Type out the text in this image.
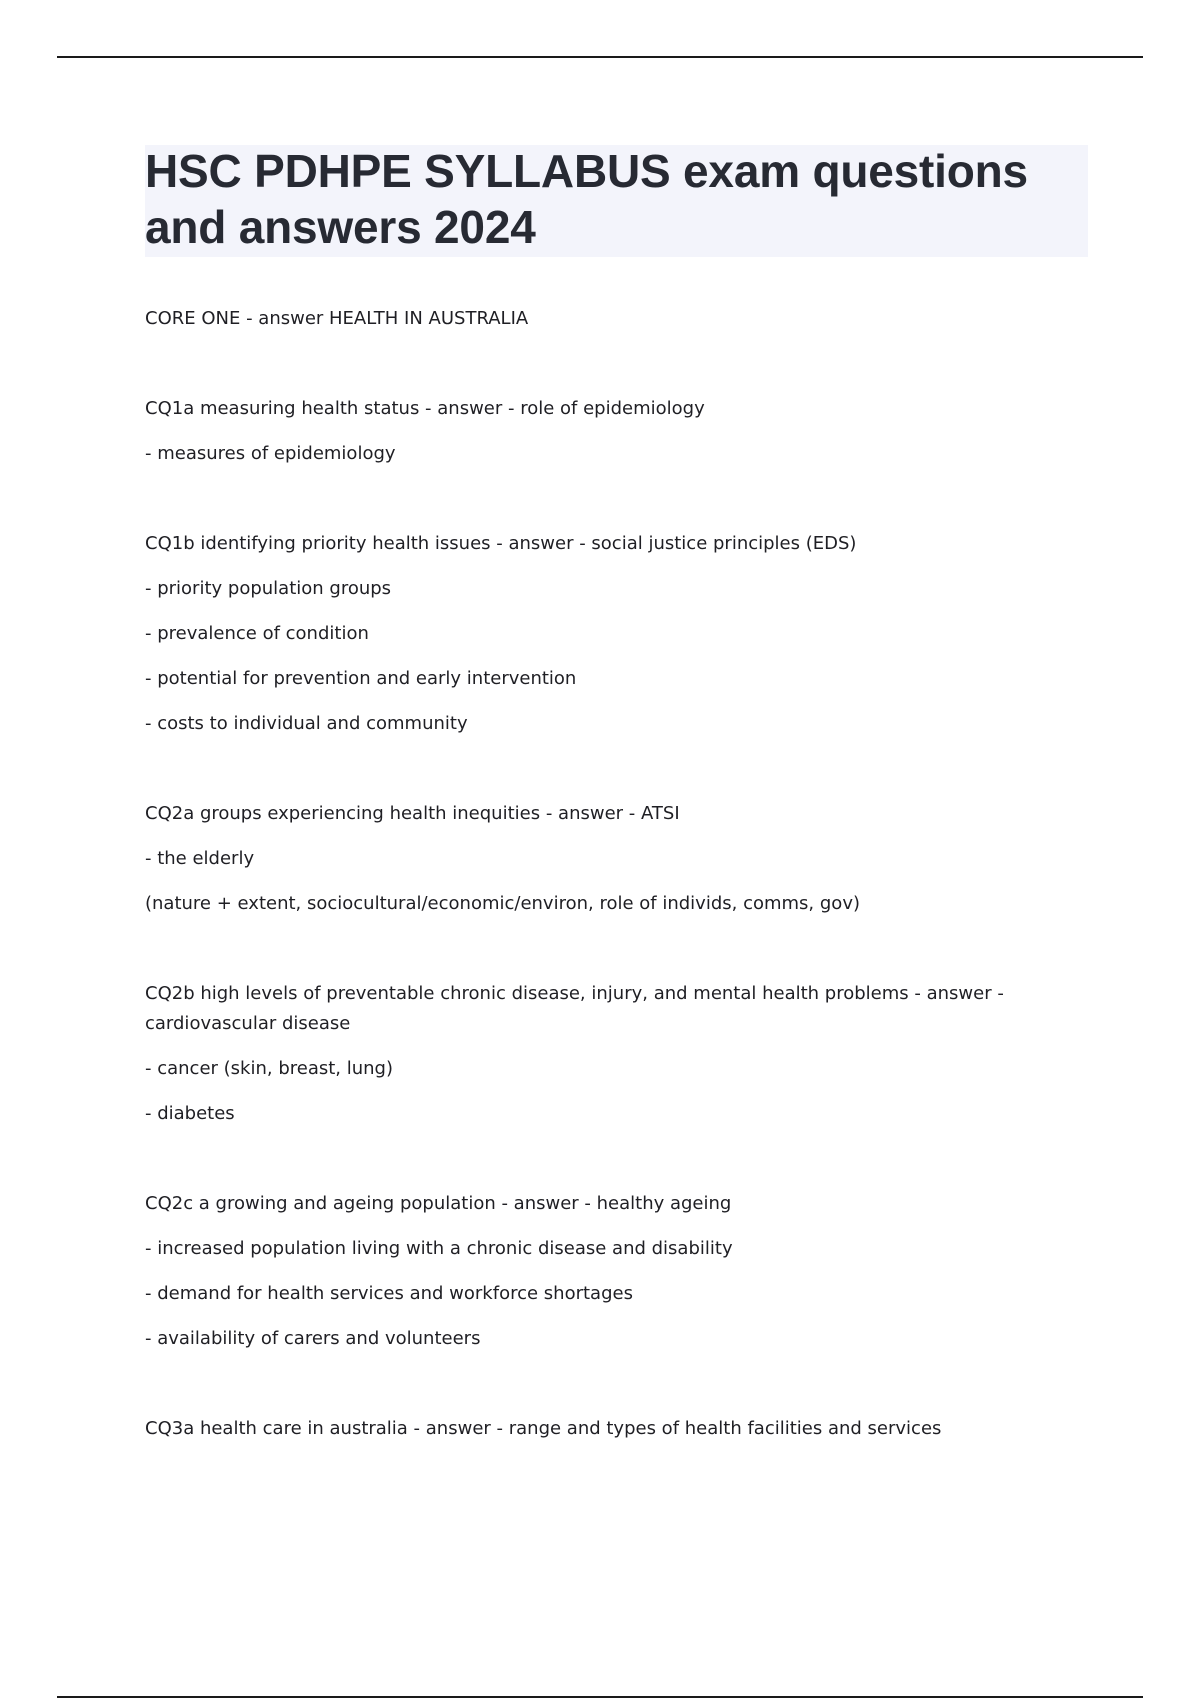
HSC PDHPE SYLLABUS exam questions and answers 2024
CORE ONE - answer HEALTH IN AUSTRALIA
CQ1a measuring health status - answer - role of epidemiology
- measures of epidemiology
CQ1b identifying priority health issues - answer - social justice principles (EDS)
- priority population groups
- prevalence of condition
- potential for prevention and early intervention
- costs to individual and community
CQ2a groups experiencing health inequities - answer - ATSI
- the elderly
(nature + extent, sociocultural/economic/environ, role of individs, comms, gov)
CQ2b high levels of preventable chronic disease, injury, and mental health problems - answer - cardiovascular disease
- cancer (skin, breast, lung)
- diabetes
CQ2c a growing and ageing population - answer - healthy ageing
- increased population living with a chronic disease and disability
- demand for health services and workforce shortages
- availability of carers and volunteers
CQ3a health care in australia - answer - range and types of health facilities and services
